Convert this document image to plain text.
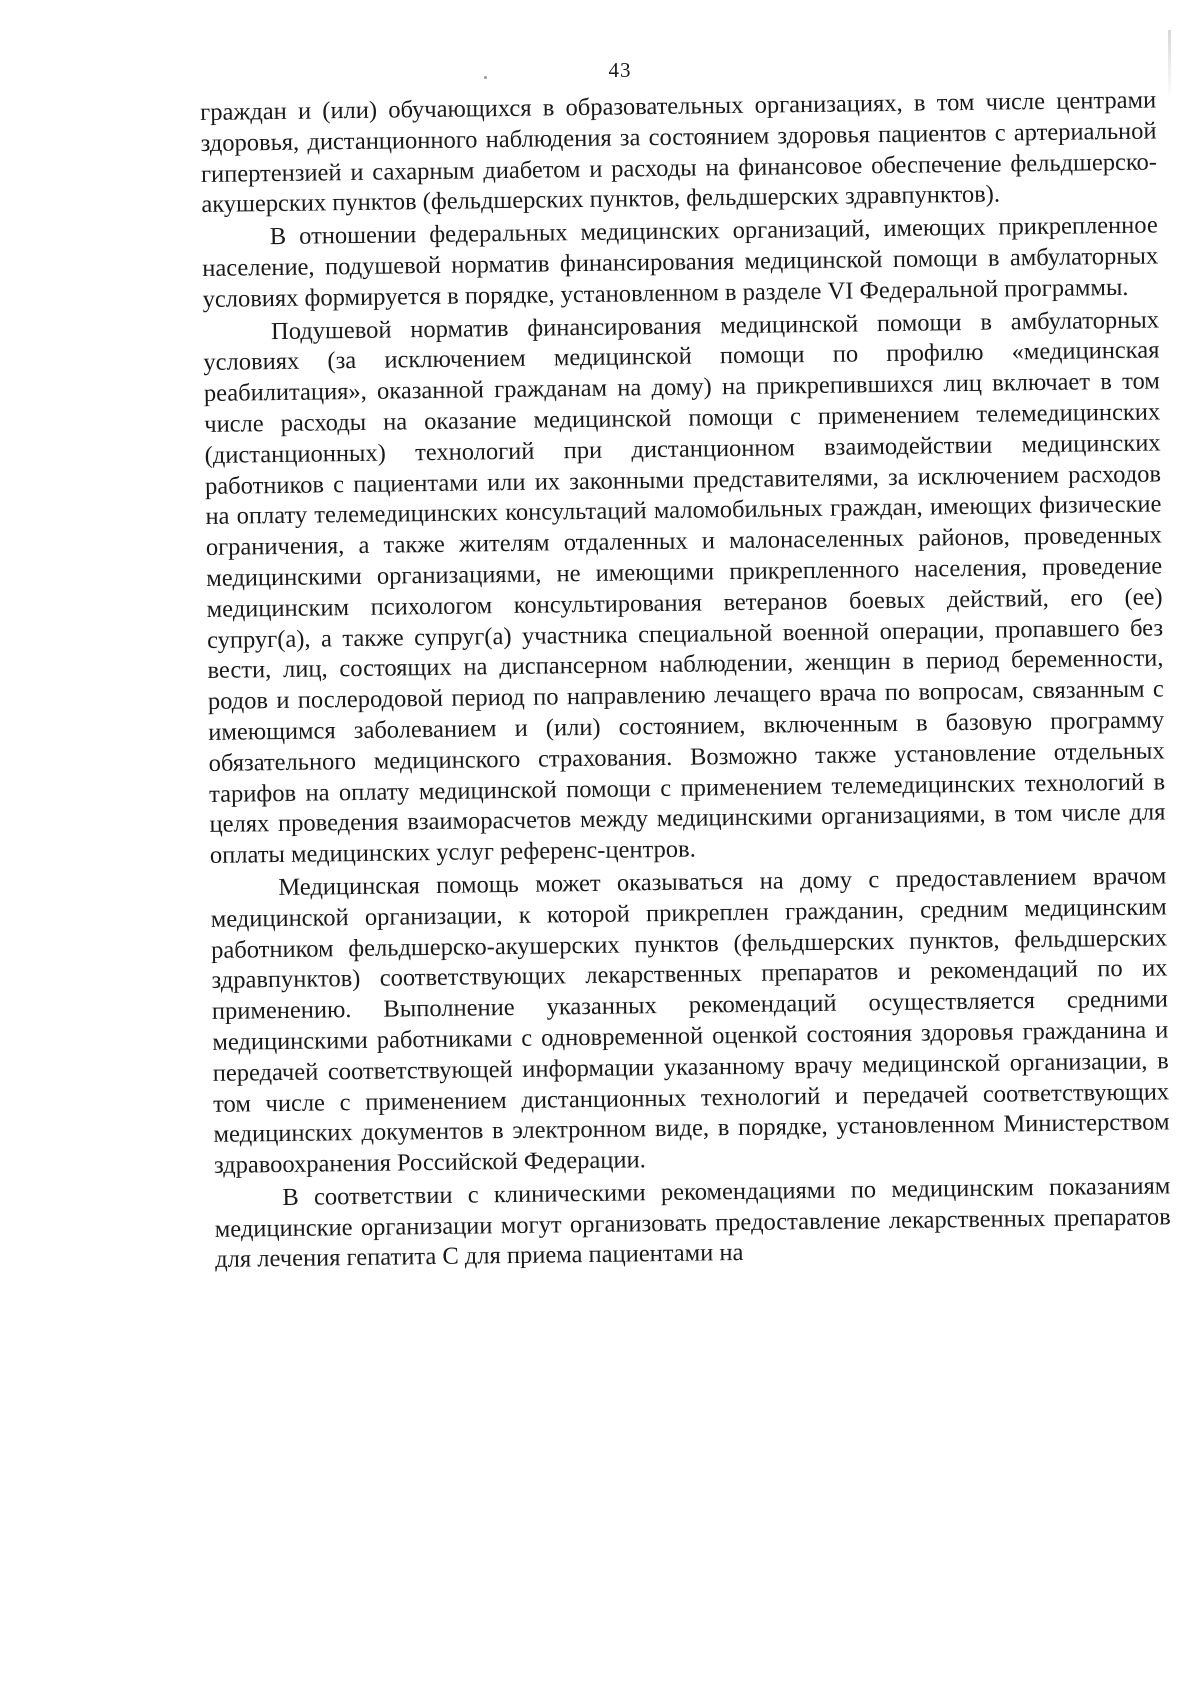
43

граждан и (или) обучающихся в образовательных организациях, в том числе центрами здоровья, дистанционного наблюдения за состоянием здоровья пациентов с артериальной гипертензией и сахарным диабетом и расходы на финансовое обеспечение фельдшерско-акушерских пунктов (фельдшерских пунктов, фельдшерских здравпунктов).

В отношении федеральных медицинских организаций, имеющих прикрепленное население, подушевой норматив финансирования медицинской помощи в амбулаторных условиях формируется в порядке, установленном в разделе VI Федеральной программы.

Подушевой норматив финансирования медицинской помощи в амбулаторных условиях (за исключением медицинской помощи по профилю «медицинская реабилитация», оказанной гражданам на дому) на прикрепившихся лиц включает в том числе расходы на оказание медицинской помощи с применением телемедицинских (дистанционных) технологий при дистанционном взаимодействии медицинских работников с пациентами или их законными представителями, за исключением расходов на оплату телемедицинских консультаций маломобильных граждан, имеющих физические ограничения, а также жителям отдаленных и малонаселенных районов, проведенных медицинскими организациями, не имеющими прикрепленного населения, проведение медицинским психологом консультирования ветеранов боевых действий, его (ее) супруг(а), а также супруг(а) участника специальной военной операции, пропавшего без вести, лиц, состоящих на диспансерном наблюдении, женщин в период беременности, родов и послеродовой период по направлению лечащего врача по вопросам, связанным с имеющимся заболеванием и (или) состоянием, включенным в базовую программу обязательного медицинского страхования. Возможно также установление отдельных тарифов на оплату медицинской помощи с применением телемедицинских технологий в целях проведения взаиморасчетов между медицинскими организациями, в том числе для оплаты медицинских услуг референс-центров.

Медицинская помощь может оказываться на дому с предоставлением врачом медицинской организации, к которой прикреплен гражданин, средним медицинским работником фельдшерско-акушерских пунктов (фельдшерских пунктов, фельдшерских здравпунктов) соответствующих лекарственных препаратов и рекомендаций по их применению. Выполнение указанных рекомендаций осуществляется средними медицинскими работниками с одновременной оценкой состояния здоровья гражданина и передачей соответствующей информации указанному врачу медицинской организации, в том числе с применением дистанционных технологий и передачей соответствующих медицинских документов в электронном виде, в порядке, установленном Министерством здравоохранения Российской Федерации.

В соответствии с клиническими рекомендациями по медицинским показаниям медицинские организации могут организовать предоставление лекарственных препаратов для лечения гепатита С для приема пациентами на
